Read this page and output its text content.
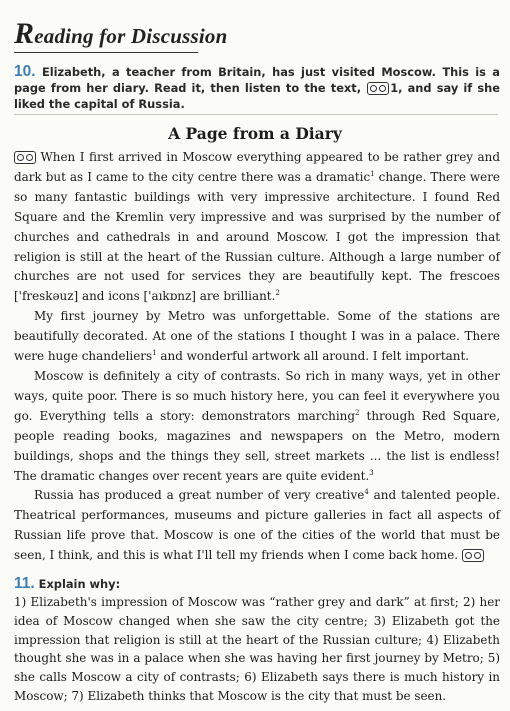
Reading for Discussion
10. Elizabeth, a teacher from Britain, has just visited Moscow. This is a page from her diary. Read it, then listen to the text,	1, and say if she liked the capital of Russia.
A Page from a Diary

When I first arrived in Moscow everything appeared to be rather grey and dark but as I came to the city centre there was a dramatic$^1$ change. There were so many fantastic buildings with very impressive architecture. I found Red Square and the Kremlin very impressive and was surprised by the number of churches and cathedrals in and around Moscow. I got the impression that religion is still at the heart of the Russian culture. Although a large number of churches are not used for services they are beautifully kept. The frescoes ['freskəuz] and icons ['aıkɒnz] are brilliant.$^2$

My first journey by Metro was unforgettable. Some of the stations are beautifully decorated. At one of the stations I thought I was in a palace. There were huge chandeliers$^1$ and wonderful artwork all around. I felt important.

Moscow is definitely a city of contrasts. So rich in many ways, yet in other ways, quite poor. There is so much history here, you can feel it everywhere you go. Everything tells a story: demonstrators marching$^2$ through Red Square, people reading books, magazines and newspapers on the Metro, modern buildings, shops and the things they sell, street markets ... the list is endless! The dramatic changes over recent years are quite evident.$^3$

Russia has produced a great number of very creative$^4$ and talented people. Theatrical performances, museums and picture galleries in fact all aspects of Russian life prove that. Moscow is one of the cities of the world that must be seen, I think, and this is what I'll tell my friends when I come back home.

11. Explain why:
1) Elizabeth's impression of Moscow was “rather grey and dark” at first; 2) her idea of Moscow changed when she saw the city centre; 3) Elizabeth got the impression that religion is still at the heart of the Russian culture; 4) Elizabeth thought she was in a palace when she was having her first journey by Metro; 5) she calls Moscow a city of contrasts; 6) Elizabeth says there is much history in Moscow; 7) Elizabeth thinks that Moscow is the city that must be seen.
